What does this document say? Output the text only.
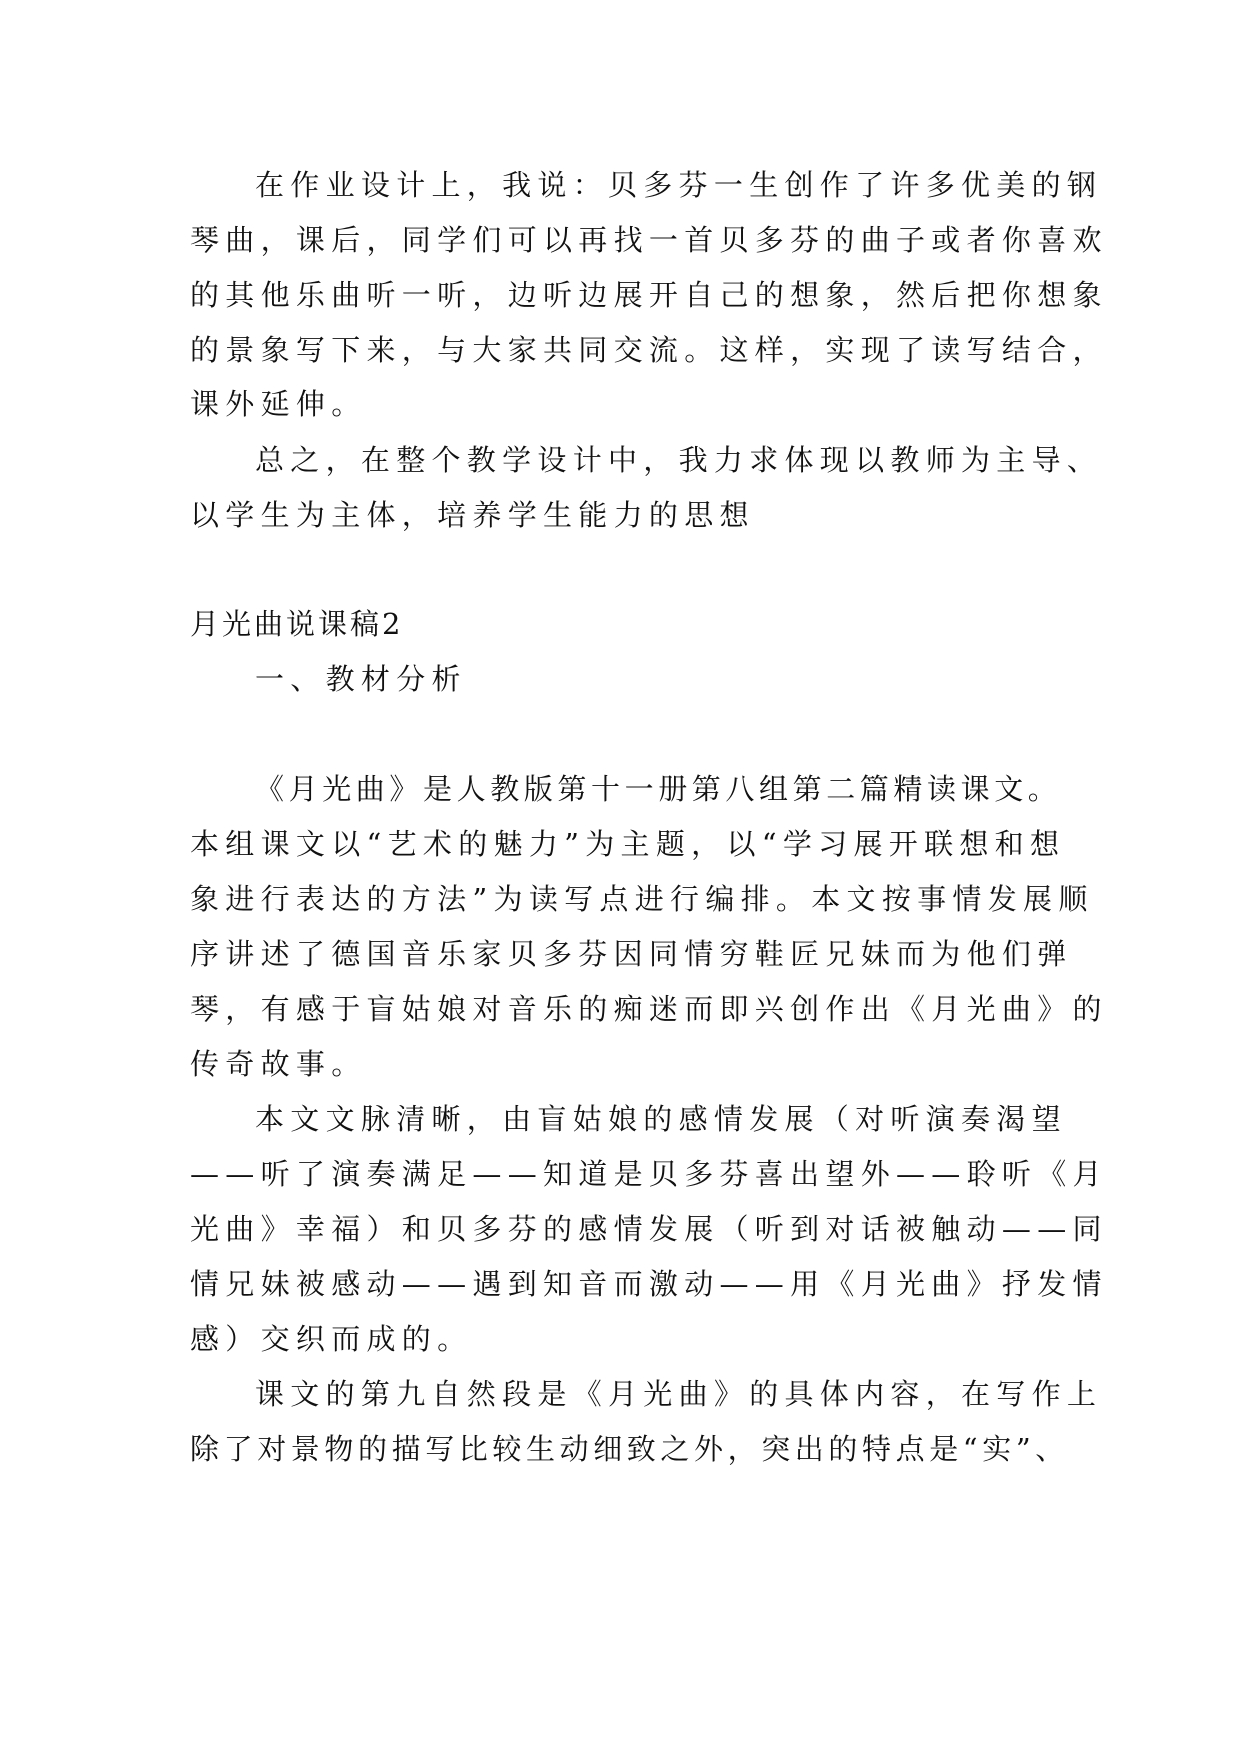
在作业设计上，我说：贝多芬一生创作了许多优美的钢

琴曲，课后，同学们可以再找一首贝多芬的曲子或者你喜欢

的其他乐曲听一听，边听边展开自己的想象，然后把你想象

的景象写下来，与大家共同交流。这样，实现了读写结合，

课外延伸。

总之，在整个教学设计中，我力求体现以教师为主导、

以学生为主体，培养学生能力的思想

月光曲说课稿2

一、教材分析

《月光曲》是人教版第十一册第八组第二篇精读课文。

本组课文以“艺术的魅力”为主题，以“学习展开联想和想

象进行表达的方法”为读写点进行编排。本文按事情发展顺

序讲述了德国音乐家贝多芬因同情穷鞋匠兄妹而为他们弹

琴，有感于盲姑娘对音乐的痴迷而即兴创作出《月光曲》的

传奇故事。

本文文脉清晰，由盲姑娘的感情发展（对听演奏渴望

——听了演奏满足——知道是贝多芬喜出望外——聆听《月

光曲》幸福）和贝多芬的感情发展（听到对话被触动——同

情兄妹被感动——遇到知音而激动——用《月光曲》抒发情

感）交织而成的。

课文的第九自然段是《月光曲》的具体内容，在写作上

除了对景物的描写比较生动细致之外，突出的特点是“实”、
